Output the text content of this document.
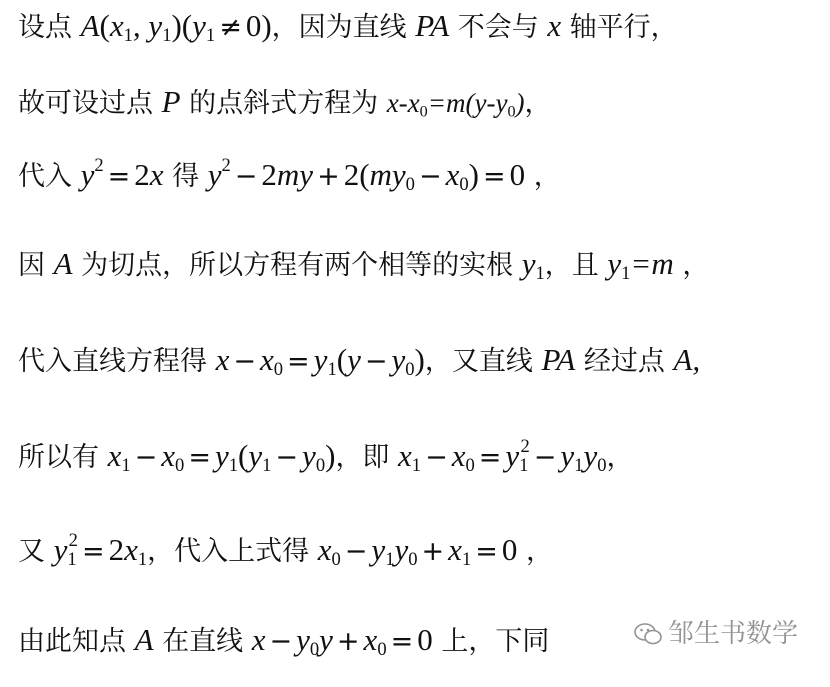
设点 $A(x_1$, $y_1)(y_1 \ne 0)$，因为直线 PA 不会与 x 轴平行，
故可设过点 P 的点斜式方程为 $x-x_0=m(y-y_0)$，
代入 $y^2 = 2x$ 得 $y^2 - 2my + 2(my_0 - x_0) = 0$ ，
因 A 为切点，所以方程有两个相等的实根 $y_1$，且 $y_1=m$ ，
代入直线方程得 $x - x_0 = y_1(y - y_0)$，又直线 PA 经过点 A,
所以有 $x_1 - x_0 = y_1(y_1 - y_0)$，即 $x_1 - x_0 = y_1^2 - y_1y_0$，
又 $y_1^2 = 2x_1$，代入上式得 $x_0 - y_1y_0 + x_1 = 0$ ，
由此知点 A 在直线 $x - y_0y + x_0 = 0$ 上，下同	邹生书数学
